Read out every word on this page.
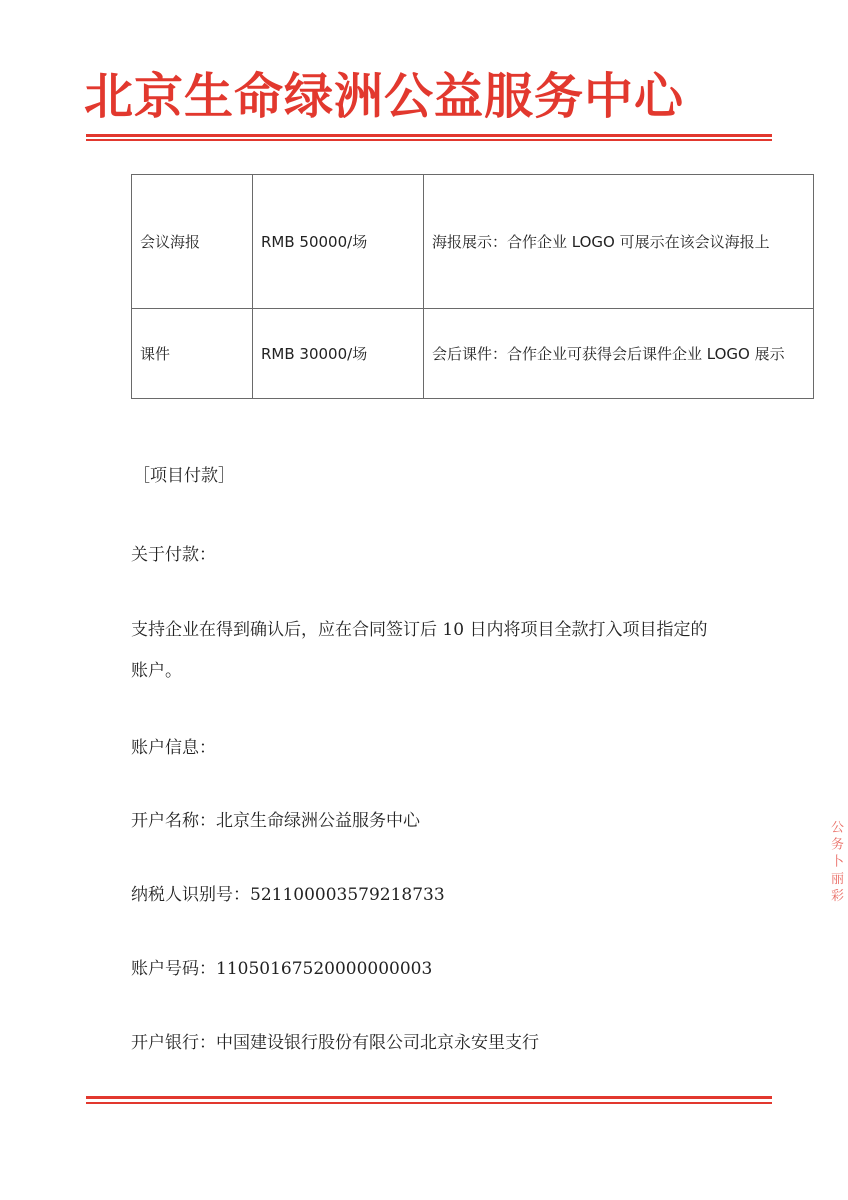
北京生命绿洲公益服务中心
会议海报	RMB 50000/场	海报展示：合作企业 LOGO 可展示在该会议海报上
课件	RMB 30000/场	会后课件：合作企业可获得会后课件企业 LOGO 展示
［项目付款］
关于付款：
支持企业在得到确认后，应在合同签订后 10 日内将项目全款打入项目指定的账户。
账户信息：
开户名称：北京生命绿洲公益服务中心
纳税人识别号：521100003579218733
账户号码：11050167520000000003
开户银行：中国建设银行股份有限公司北京永安里支行
公 务 卜 丽 彩
